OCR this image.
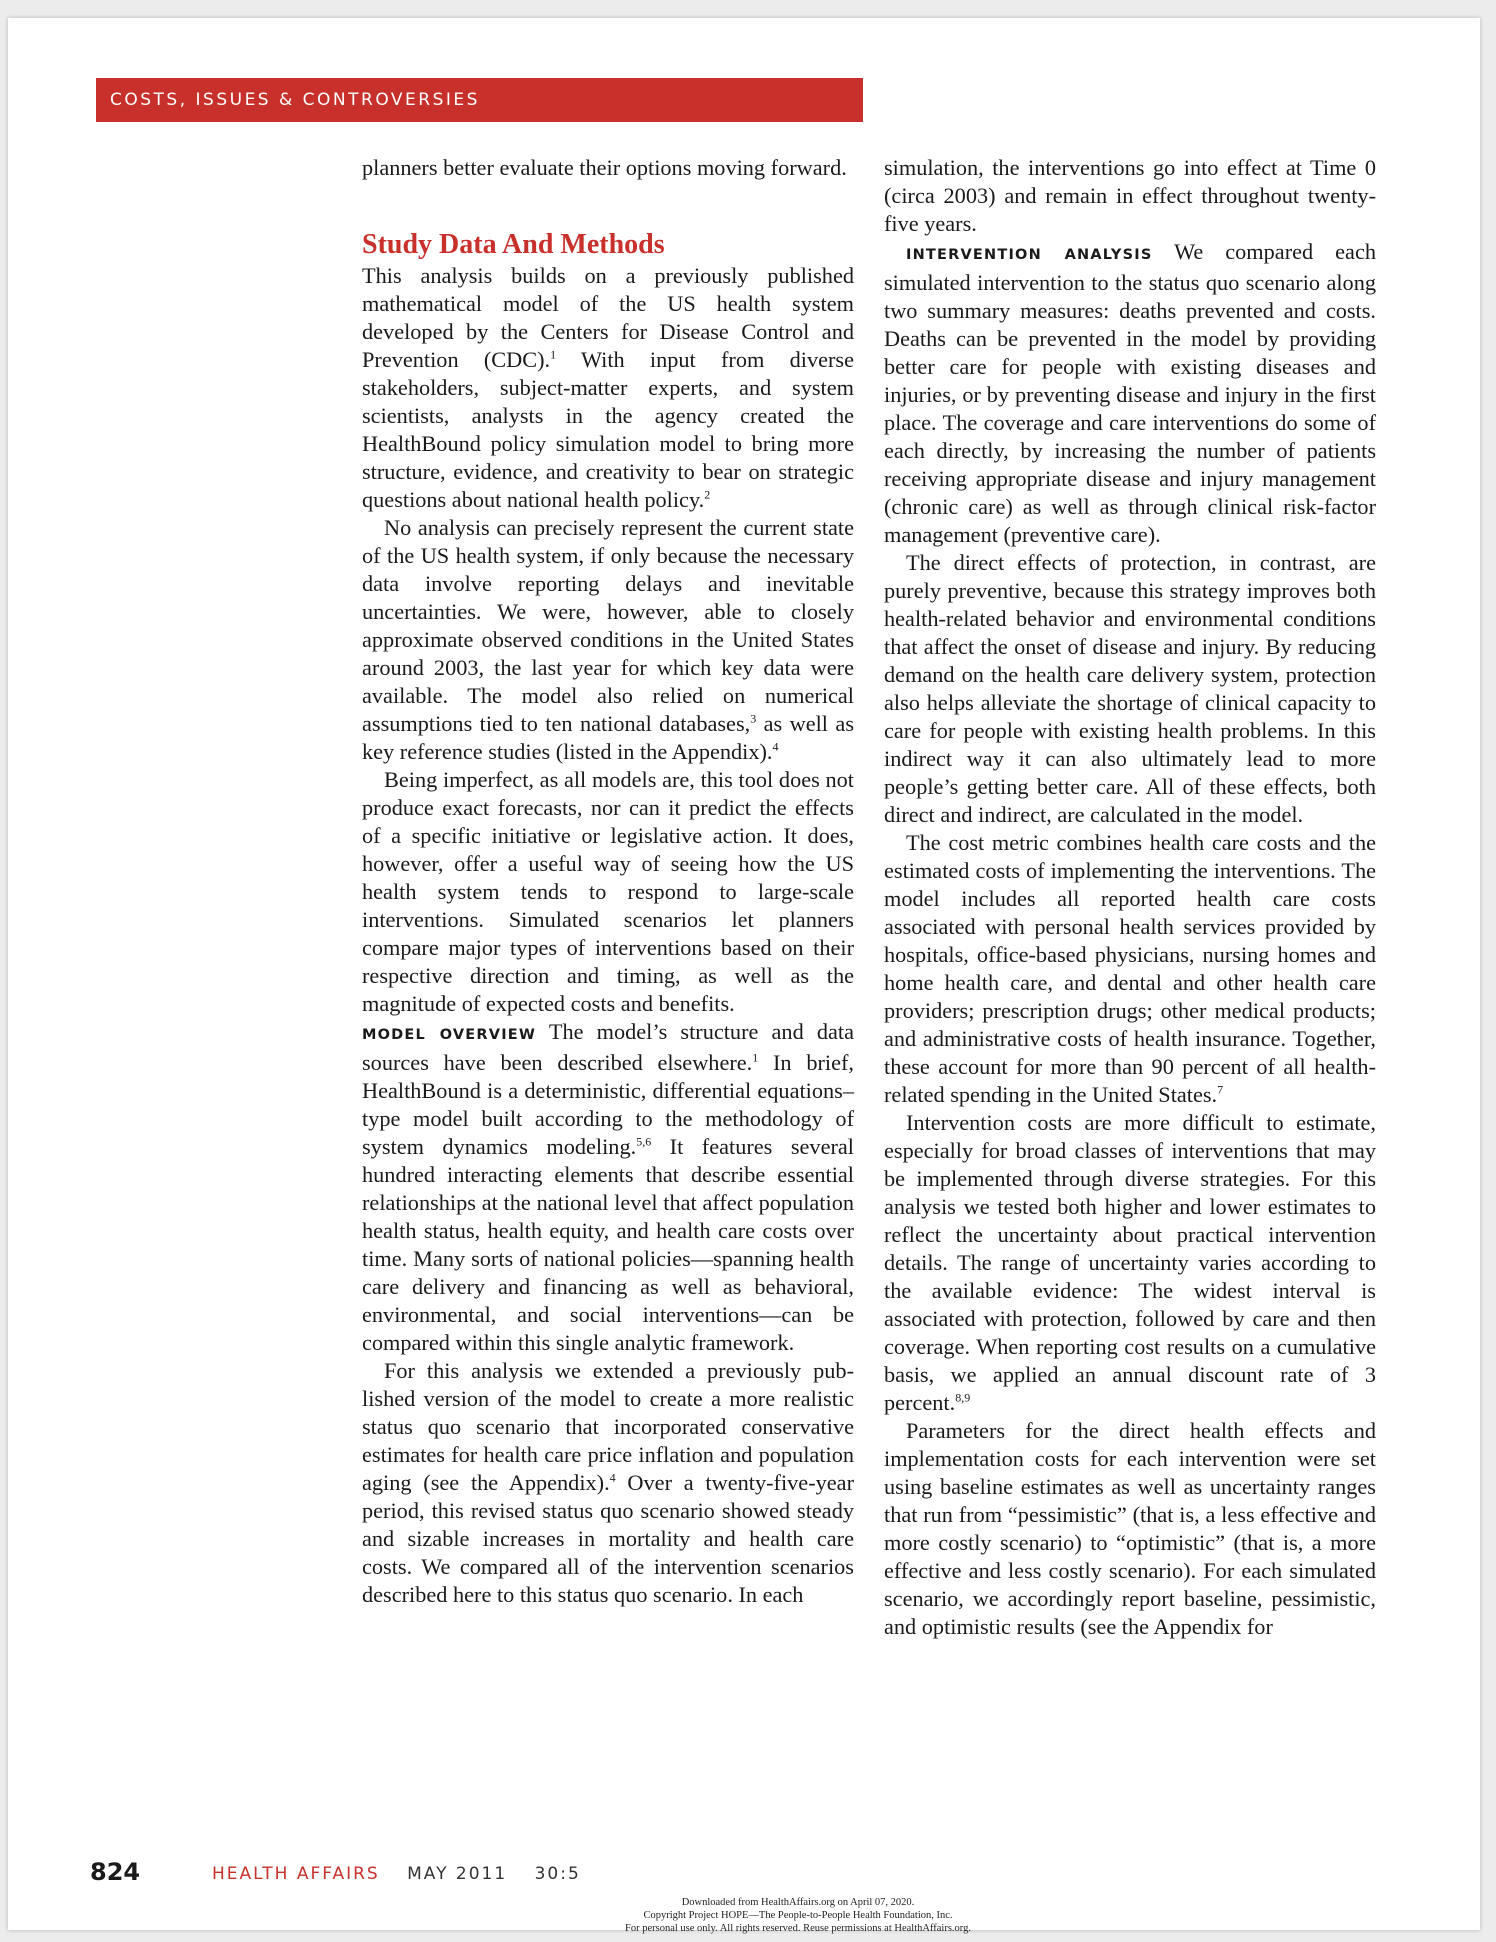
COSTS, ISSUES & CONTROVERSIES

planners better evaluate their options moving forward.

Study Data And Methods

This analysis builds on a previously published mathematical model of the US health system developed by the Centers for Disease Control and Prevention (CDC).$^1$ With input from diverse stakeholders, subject-matter experts, and system scientists, analysts in the agency created the HealthBound policy simulation model to bring more structure, evidence, and creativity to bear on strategic questions about national health policy.$^2$

No analysis can precisely represent the current state of the US health system, if only because the necessary data involve reporting delays and inevitable uncertainties. We were, however, able to closely approximate observed conditions in the United States around 2003, the last year for which key data were available. The model also relied on numerical assumptions tied to ten national databases,$^3$ as well as key reference studies (listed in the Appendix).$^4$

Being imperfect, as all models are, this tool does not produce exact forecasts, nor can it predict the effects of a specific initiative or legislative action. It does, however, offer a useful way of seeing how the US health system tends to respond to large-scale interventions. Simulated scenarios let planners compare major types of interventions based on their respective direction and timing, as well as the magnitude of expected costs and benefits.

MODEL OVERVIEW The model’s structure and data sources have been described elsewhere.$^1$ In brief, HealthBound is a deterministic, differential equations–type model built according to the methodology of system dynamics modeling.$^{5,6}$ It features several hundred interacting elements that describe essential relationships at the national level that affect population health status, health equity, and health care costs over time. Many sorts of national policies—spanning health care delivery and financing as well as behavioral, environmental, and social interventions—can be compared within this single analytic framework.

For this analysis we extended a previously published version of the model to create a more realistic status quo scenario that incorporated conservative estimates for health care price inflation and population aging (see the Appendix).$^4$ Over a twenty-five-year period, this revised status quo scenario showed steady and sizable increases in mortality and health care costs. We compared all of the intervention scenarios described here to this status quo scenario. In each

simulation, the interventions go into effect at Time 0 (circa 2003) and remain in effect throughout twenty-five years.

INTERVENTION ANALYSIS We compared each simulated intervention to the status quo scenario along two summary measures: deaths prevented and costs. Deaths can be prevented in the model by providing better care for people with existing diseases and injuries, or by preventing disease and injury in the first place. The coverage and care interventions do some of each directly, by increasing the number of patients receiving appropriate disease and injury management (chronic care) as well as through clinical risk-factor management (preventive care).

The direct effects of protection, in contrast, are purely preventive, because this strategy improves both health-related behavior and environmental conditions that affect the onset of disease and injury. By reducing demand on the health care delivery system, protection also helps alleviate the shortage of clinical capacity to care for people with existing health problems. In this indirect way it can also ultimately lead to more people’s getting better care. All of these effects, both direct and indirect, are calculated in the model.

The cost metric combines health care costs and the estimated costs of implementing the interventions. The model includes all reported health care costs associated with personal health services provided by hospitals, office-based physicians, nursing homes and home health care, and dental and other health care providers; prescription drugs; other medical products; and administrative costs of health insurance. Together, these account for more than 90 percent of all health-related spending in the United States.$^7$

Intervention costs are more difficult to estimate, especially for broad classes of interventions that may be implemented through diverse strategies. For this analysis we tested both higher and lower estimates to reflect the uncertainty about practical intervention details. The range of uncertainty varies according to the available evidence: The widest interval is associated with protection, followed by care and then coverage. When reporting cost results on a cumulative basis, we applied an annual discount rate of 3 percent.$^{8,9}$

Parameters for the direct health effects and implementation costs for each intervention were set using baseline estimates as well as uncertainty ranges that run from “pessimistic” (that is, a less effective and more costly scenario) to “optimistic” (that is, a more effective and less costly scenario). For each simulated scenario, we accordingly report baseline, pessimistic, and optimistic results (see the Appendix for

824	HEALTH AFFAIRS MAY 2011 30:5
Downloaded from HealthAffairs.org on April 07, 2020.
Copyright Project HOPE—The People-to-People Health Foundation, Inc.
For personal use only. All rights reserved. Reuse permissions at HealthAffairs.org.
